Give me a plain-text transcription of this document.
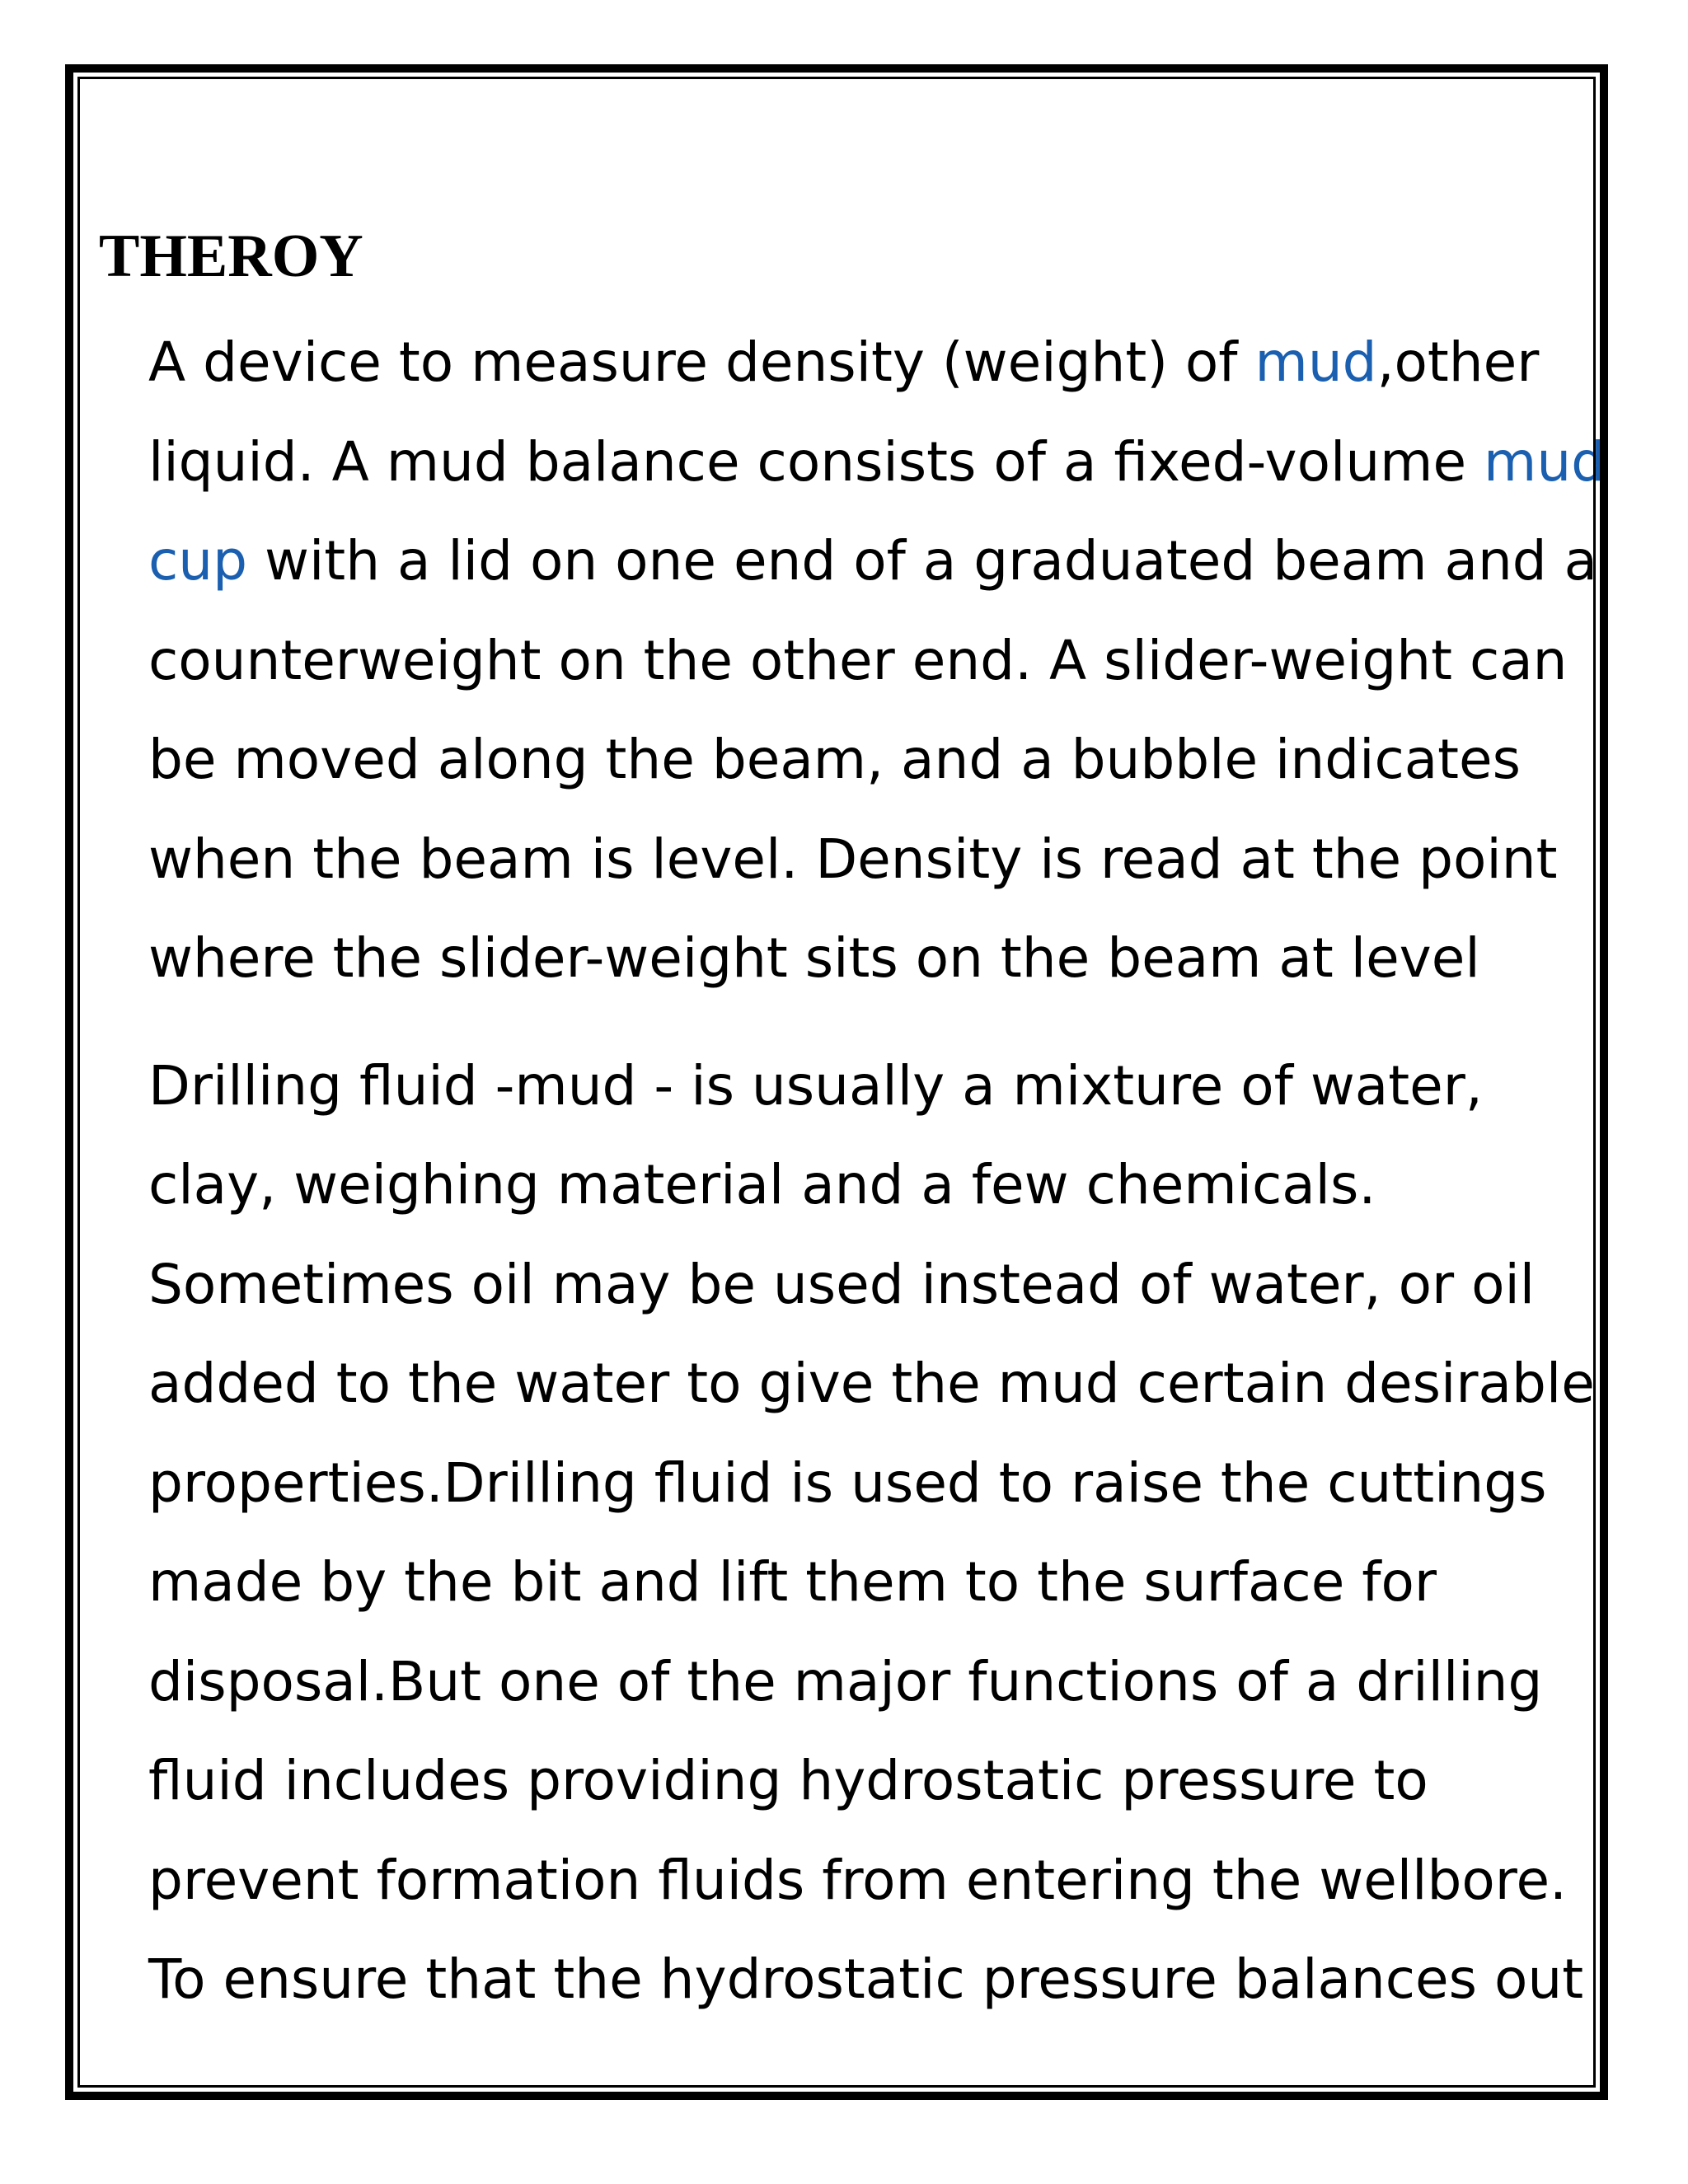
THEROY
A device to measure density (weight) of mud,other
liquid. A mud balance consists of a fixed-volume mud
cup with a lid on one end of a graduated beam and a
counterweight on the other end. A slider-weight can
be moved along the beam, and a bubble indicates
when the beam is level. Density is read at the point
where the slider-weight sits on the beam at level
Drilling fluid -mud - is usually a mixture of water,
clay, weighing material and a few chemicals.
Sometimes oil may be used instead of water, or oil
added to the water to give the mud certain desirable
properties.Drilling fluid is used to raise the cuttings
made by the bit and lift them to the surface for
disposal.But one of the major functions of a drilling
fluid includes providing hydrostatic pressure to
prevent formation fluids from entering the wellbore.
To ensure that the hydrostatic pressure balances out
